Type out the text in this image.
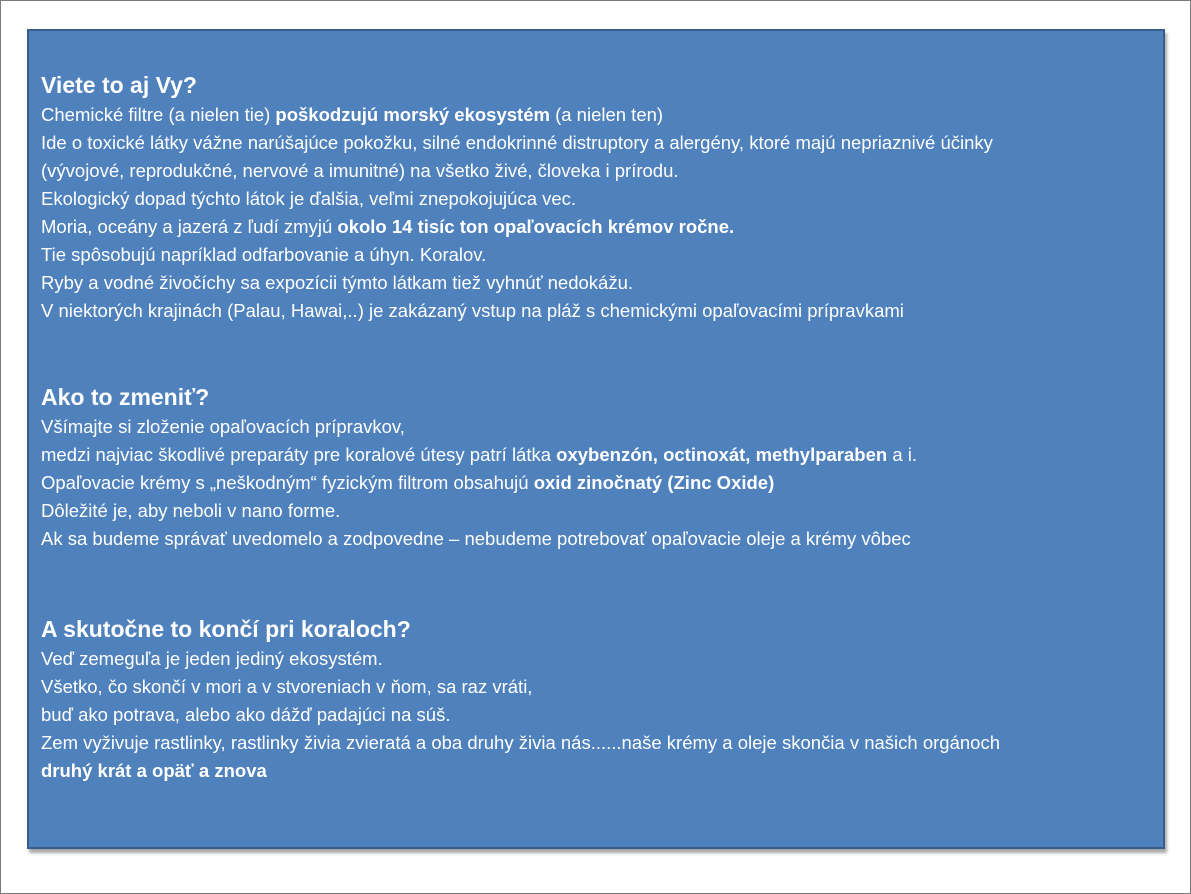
Viete to aj Vy?
Chemické filtre (a nielen tie) poškodzujú morský ekosystém (a nielen ten)
Ide o toxické látky vážne narúšajúce pokožku, silné endokrinné distruptory a alergény, ktoré majú nepriaznivé účinky
(vývojové, reprodukčné, nervové a imunitné) na všetko živé, človeka i prírodu.
Ekologický dopad týchto látok je ďalšia, veľmi znepokojujúca vec.
Moria, oceány a jazerá z ľudí zmyjú okolo 14 tisíc ton opaľovacích krémov ročne.
Tie spôsobujú napríklad odfarbovanie a úhyn. Koralov.
Ryby a vodné živočíchy sa expozícii týmto látkam tiež vyhnúť nedokážu.
V niektorých krajinách (Palau, Hawai,..) je zakázaný vstup na pláž s chemickými opaľovacími prípravkami
Ako to zmeniť?
Všímajte si zloženie opaľovacích prípravkov,
medzi najviac škodlivé preparáty pre koralové útesy patrí látka oxybenzón, octinoxát, methylparaben a i.
Opaľovacie krémy s „neškodným“ fyzickým filtrom obsahujú oxid zinočnatý (Zinc Oxide)
Dôležité je, aby neboli v nano forme.
Ak sa budeme správať uvedomelo a zodpovedne – nebudeme potrebovať opaľovacie oleje a krémy vôbec
A skutočne to končí pri koraloch?
Veď zemeguľa je jeden jediný ekosystém.
Všetko, čo skončí v mori a v stvoreniach v ňom, sa raz vráti,
buď ako potrava, alebo ako dážď padajúci na súš.
Zem vyživuje rastlinky, rastlinky živia zvieratá a oba druhy živia nás......naše krémy a oleje skončia v našich orgánoch
druhý krát a opäť a znova
